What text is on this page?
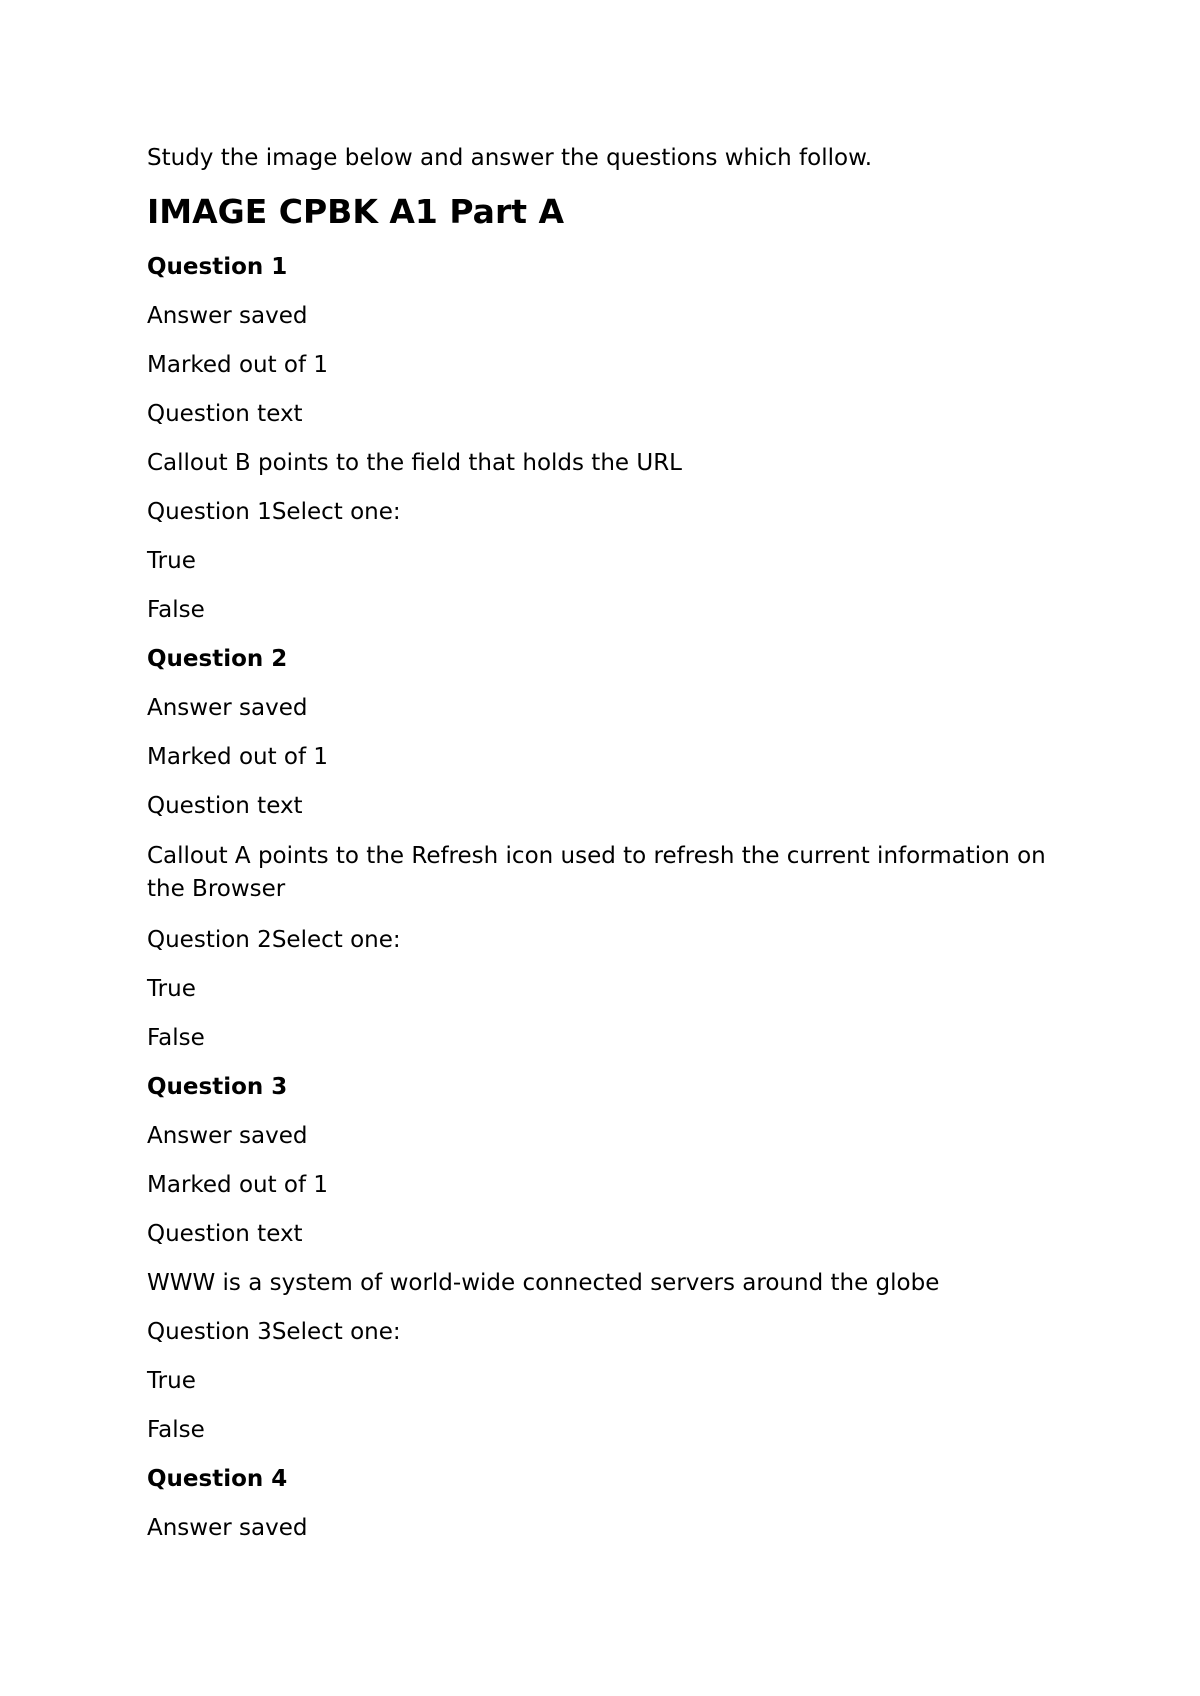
Study the image below and answer the questions which follow.

IMAGE CPBK A1 Part A

Question 1

Answer saved

Marked out of 1

Question text

Callout B points to the field that holds the URL

Question 1Select one:

True

False

Question 2

Answer saved

Marked out of 1

Question text

Callout A points to the Refresh icon used to refresh the current information on the Browser

Question 2Select one:

True

False

Question 3

Answer saved

Marked out of 1

Question text

WWW is a system of world-wide connected servers around the globe

Question 3Select one:

True

False

Question 4

Answer saved
